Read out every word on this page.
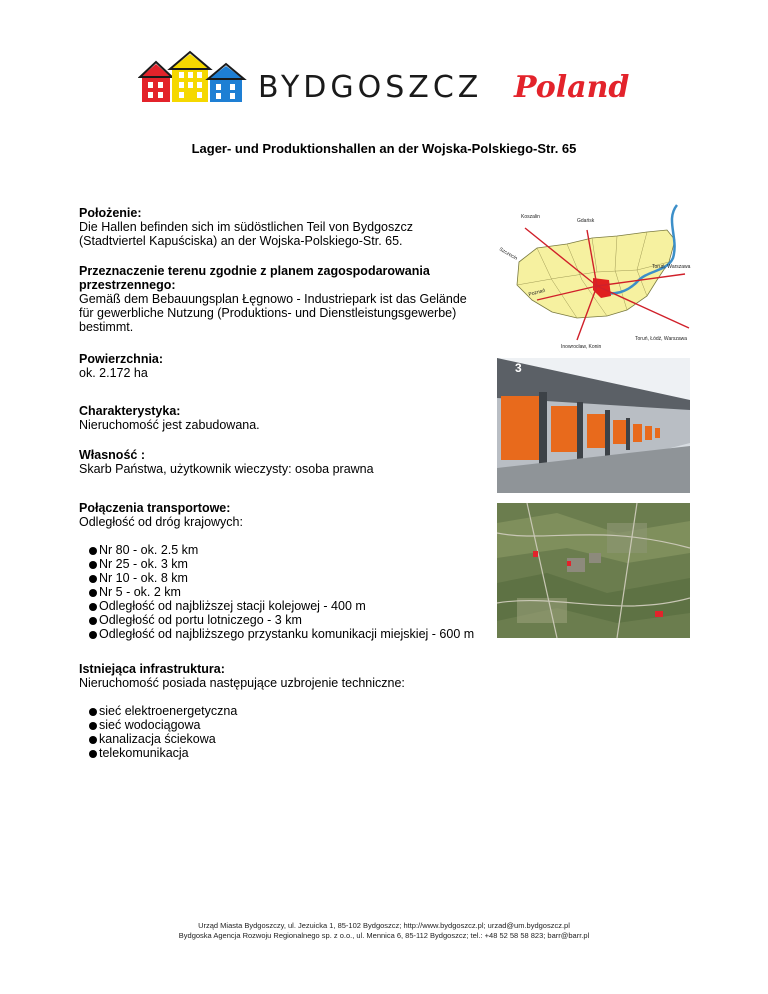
BYDGOSZCZ Poland
Lager- und Produktionshallen an der Wojska-Polskiego-Str. 65

Położenie:

Die Hallen befinden sich im südöstlichen Teil von Bydgoszcz

(Stadtviertel Kapuściska) an der Wojska-Polskiego-Str. 65.

Przeznaczenie terenu zgodnie z planem zagospodarowania

przestrzennego:

Gemäß dem Bebauungsplan Łęgnowo - Industriepark ist das Gelände

für gewerbliche Nutzung (Produktions- und Dienstleistungsgewerbe)

bestimmt.

Powierzchnia:

ok. 2.172 ha

Charakterystyka:

Nieruchomość jest zabudowana.

Własność :

Skarb Państwa, użytkownik wieczysty: osoba prawna

Połączenia transportowe:

Odległość od dróg krajowych:

Nr 80 - ok. 2.5 km
Nr 25 - ok. 3 km
Nr 10 - ok. 8 km
Nr 5 - ok. 2 km
Odległość od najbliższej stacji kolejowej - 400 m
Odległość od portu lotniczego - 3 km
Odległość od najbliższego przystanku komunikacji miejskiej - 600 m

Istniejąca infrastruktura:

Nieruchomość posiada następujące uzbrojenie techniczne:

sieć elektroenergetyczna
sieć wodociągowa
kanalizacja ściekowa
telekomunikacja
Koszalin
Gdańsk
Szczecin
Toruń, Warszawa
Poznań
Toruń, Łódź, Warszawa
Inowrocław, Konin
3
Urząd Miasta Bydgoszczy, ul. Jezuicka 1, 85-102 Bydgoszcz; http://www.bydgoszcz.pl; urzad@um.bydgoszcz.pl
Bydgoska Agencja Rozwoju Regionalnego sp. z o.o., ul. Mennica 6, 85-112 Bydgoszcz; tel.: +48 52 58 58 823; barr@barr.pl
